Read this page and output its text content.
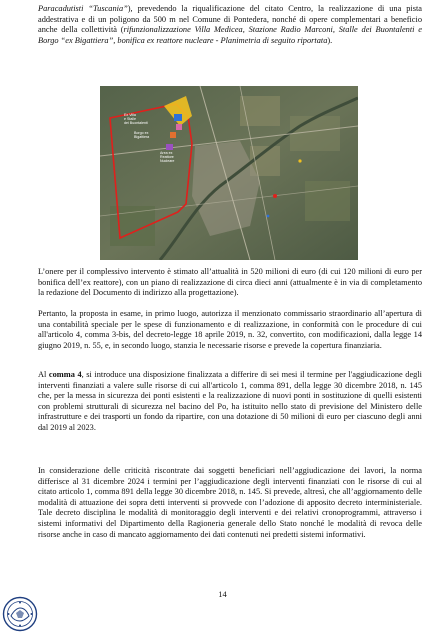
Paracadutisti “Tuscania”), prevedendo la riqualificazione del citato Centro, la realizzazione di una pista addestrativa e di un poligono da 500 m nel Comune di Pontedera, nonché di opere complementari a beneficio anche della collettività (rifunzionalizzazione Villa Medicea, Stazione Radio Marconi, Stalle dei Buontalenti e Borgo “ex Bigattiera”, bonifica ex reattore nucleare - Planimetria di seguito riportata).

Ex Villa
e Stalle
dei Buontalenti
Borgo ex
Bigattiera
Area ex
Reattore
Nucleare

L’onere per il complessivo intervento è stimato all’attualità in 520 milioni di euro (di cui 120 milioni di euro per bonifica dell’ex reattore), con un piano di realizzazione di circa dieci anni (attualmente è in via di completamento la redazione del Documento di indirizzo alla progettazione).

Pertanto, la proposta in esame, in primo luogo, autorizza il menzionato commissario straordinario all’apertura di una contabilità speciale per le spese di funzionamento e di realizzazione, in conformità con le procedure di cui all'articolo 4, comma 3-bis, del decreto-legge 18 aprile 2019, n. 32, convertito, con modificazioni, dalla legge 14 giugno 2019, n. 55, e, in secondo luogo, stanzia le necessarie risorse e prevede la copertura finanziaria.

Al comma 4, si introduce una disposizione finalizzata a differire di sei mesi il termine per l'aggiudicazione degli interventi finanziati a valere sulle risorse di cui all'articolo 1, comma 891, della legge 30 dicembre 2018, n. 145 che, per la messa in sicurezza dei ponti esistenti e la realizzazione di nuovi ponti in sostituzione di quelli esistenti con problemi strutturali di sicurezza nel bacino del Po, ha istituito nello stato di previsione del Ministero delle infrastrutture e dei trasporti un fondo da ripartire, con una dotazione di 50 milioni di euro per ciascuno degli anni dal 2019 al 2023.

In considerazione delle criticità riscontrate dai soggetti beneficiari nell’aggiudicazione dei lavori, la norma differisce al 31 dicembre 2024 i termini per l’aggiudicazione degli interventi finanziati con le risorse di cui al citato articolo 1, comma 891 della legge 30 dicembre 2018, n. 145. Si prevede, altresì, che all’aggiornamento delle modalità di attuazione dei sopra detti interventi si provvede con l’adozione di apposito decreto interministeriale. Tale decreto disciplina le modalità di monitoraggio degli interventi e dei relativi cronoprogrammi, attraverso i sistemi informativi del Dipartimento della Ragioneria generale dello Stato nonché le modalità di revoca delle risorse anche in caso di mancato aggiornamento dei dati contenuti nei predetti sistemi informativi.

14
